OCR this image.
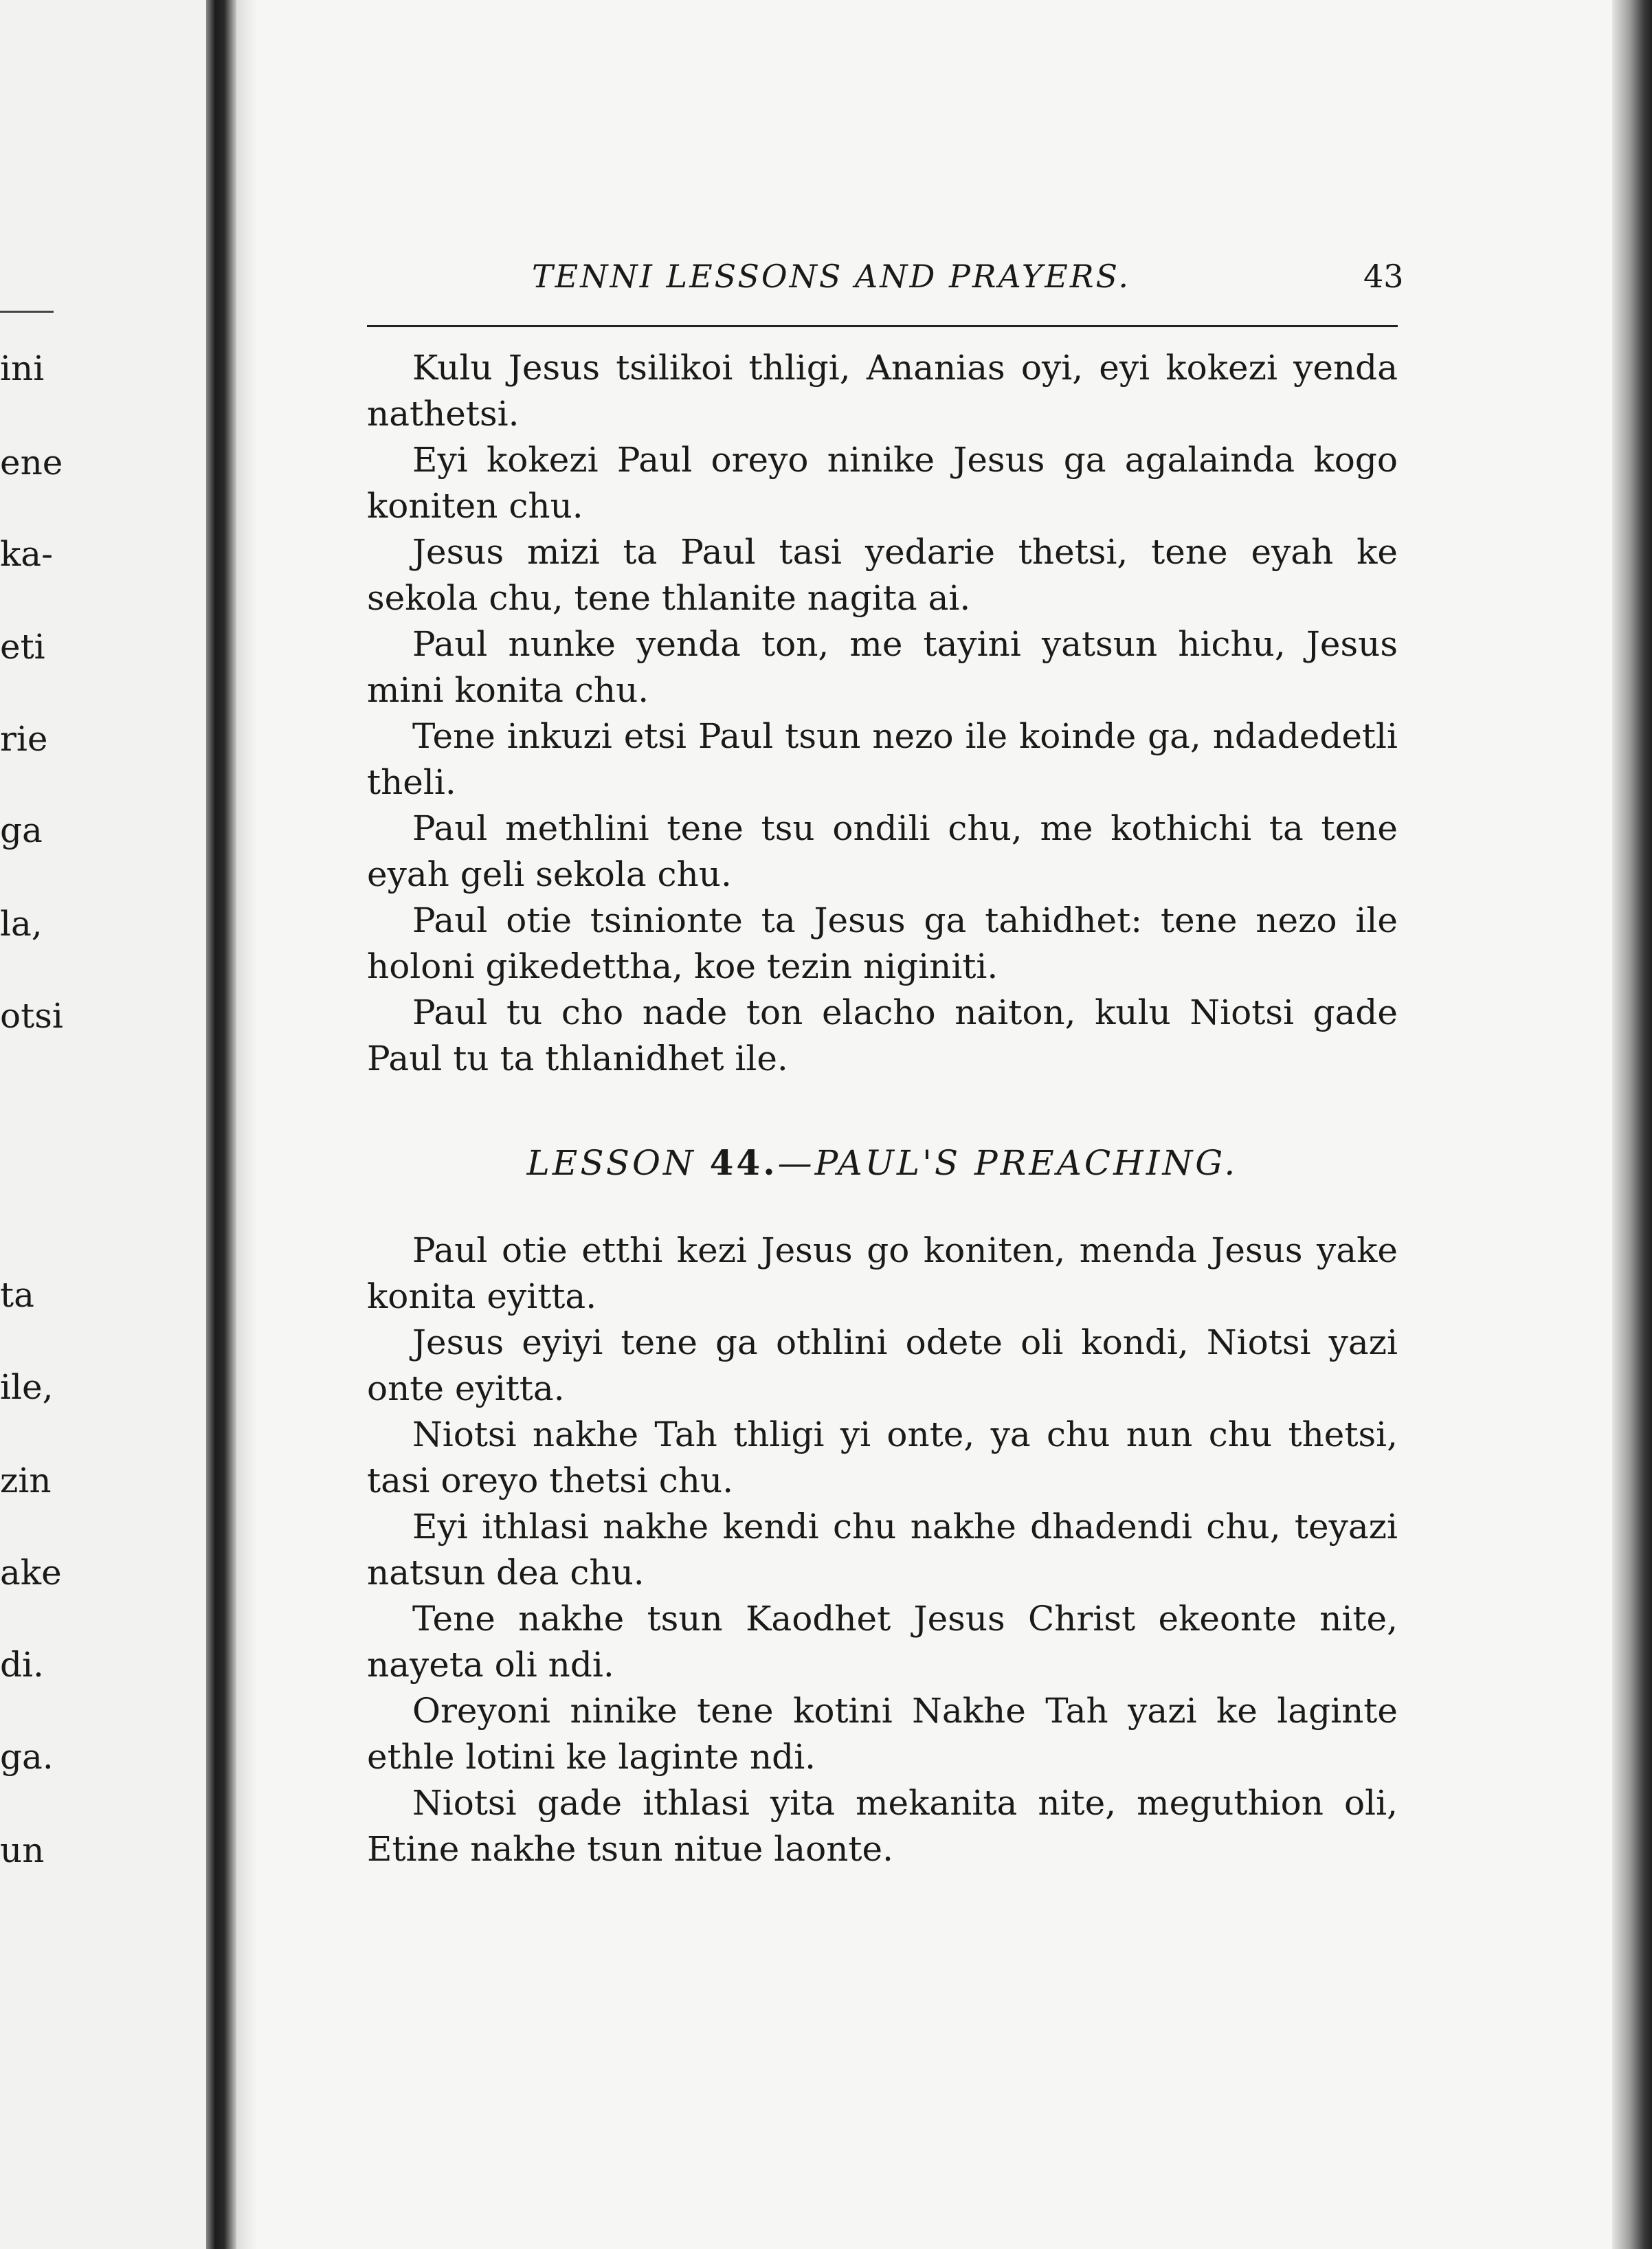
ini
ene
ka-
eti
rie
ga
la,
otsi
ta
ile,
zin
ake
di.
ga.
un
TENNI LESSONS AND PRAYERS.	43

Kulu Jesus tsilikoi thligi, Ananias oyi, eyi kokezi yenda nathetsi.

Eyi kokezi Paul oreyo ninike Jesus ga agalainda kogo koniten chu.

Jesus mizi ta Paul tasi yedarie thetsi, tene eyah ke sekola chu, tene thlanite nagita ai.

Paul nunke yenda ton, me tayini yatsun hichu, Jesus mini konita chu.

Tene inkuzi etsi Paul tsun nezo ile koinde ga, ndadedetli theli.

Paul methlini tene tsu ondili chu, me kothichi ta tene eyah geli sekola chu.

Paul otie tsinionte ta Jesus ga tahidhet: tene nezo ile holoni gikedettha, koe tezin niginiti.

Paul tu cho nade ton elacho naiton, kulu Niotsi gade Paul tu ta thlanidhet ile.

LESSON 44.—PAUL'S PREACHING.

Paul otie etthi kezi Jesus go koniten, menda Jesus yake konita eyitta.

Jesus eyiyi tene ga othlini odete oli kondi, Niotsi yazi onte eyitta.

Niotsi nakhe Tah thligi yi onte, ya chu nun chu thetsi, tasi oreyo thetsi chu.

Eyi ithlasi nakhe kendi chu nakhe dhadendi chu, teyazi natsun dea chu.

Tene nakhe tsun Kaodhet Jesus Christ ekeonte nite, nayeta oli ndi.

Oreyoni ninike tene kotini Nakhe Tah yazi ke laginte ethle lotini ke laginte ndi.

Niotsi gade ithlasi yita mekanita nite, meguthion oli, Etine nakhe tsun nitue laonte.
